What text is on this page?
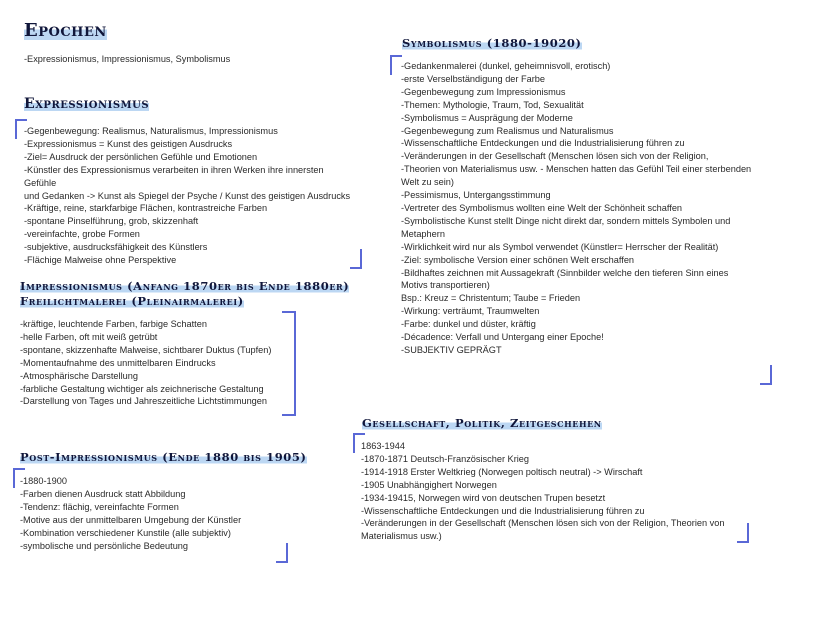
Epochen
-Expressionismus, Impressionismus, Symbolismus
Expressionismus
-Gegenbewegung: Realismus, Naturalismus, Impressionismus
-Expressionismus = Kunst des geistigen Ausdrucks
-Ziel= Ausdruck der persönlichen Gefühle und Emotionen
-Künstler des Expressionismus verarbeiten in ihren Werken ihre innersten
Gefühle
und Gedanken -> Kunst als Spiegel der Psyche / Kunst des geistigen Ausdrucks
-Kräftige, reine, starkfarbige Flächen, kontrastreiche Farben
-spontane Pinselführung, grob, skizzenhaft
-vereinfachte, grobe Formen
-subjektive, ausdrucksfähigkeit des Künstlers
-Flächige Malweise ohne Perspektive
Impressionismus (Anfang 1870er bis Ende 1880er)
Freilichtmalerei (Pleinairmalerei)
-kräftige, leuchtende Farben, farbige Schatten
-helle Farben, oft mit weiß getrübt
-spontane, skizzenhafte Malweise, sichtbarer Duktus (Tupfen)
-Momentaufnahme des unmittelbaren Eindrucks
-Atmosphärische Darstellung
-farbliche Gestaltung wichtiger als zeichnerische Gestaltung
-Darstellung von Tages und Jahreszeitliche Lichtstimmungen
Post-Impressionismus (Ende 1880 bis 1905)
-1880-1900
-Farben dienen Ausdruck statt Abbildung
-Tendenz: flächig, vereinfachte Formen
-Motive aus der unmittelbaren Umgebung der Künstler
-Kombination verschiedener Kunstile (alle subjektiv)
-symbolische und persönliche Bedeutung
Symbolismus (1880-19020)
-Gedankenmalerei (dunkel, geheimnisvoll, erotisch)
-erste Verselbständigung der Farbe
-Gegenbewegung zum Impressionismus
-Themen: Mythologie, Traum, Tod, Sexualität
-Symbolismus = Ausprägung der Moderne
-Gegenbewegung zum Realismus und Naturalismus
-Wissenschaftliche Entdeckungen und die Industrialisierung führen zu
-Veränderungen in der Gesellschaft (Menschen lösen sich von der Religion,
-Theorien von Materialismus usw. - Menschen hatten das Gefühl Teil einer sterbenden
Welt zu sein)
-Pessimismus, Untergangsstimmung
-Vertreter des Symbolismus wollten eine Welt der Schönheit schaffen
-Symbolistische Kunst stellt Dinge nicht direkt dar, sondern mittels Symbolen und
Metaphern
-Wirklichkeit wird nur als Symbol verwendet (Künstler= Herrscher der Realität)
-Ziel: symbolische Version einer schönen Welt erschaffen
-Bildhaftes zeichnen mit Aussagekraft (Sinnbilder welche den tieferen Sinn eines
Motivs transportieren)
Bsp.: Kreuz = Christentum; Taube = Frieden
-Wirkung: verträumt, Traumwelten
-Farbe: dunkel und düster, kräftig
-Décadence: Verfall und Untergang einer Epoche!
-SUBJEKTIV GEPRÄGT
Gesellschaft, Politik, Zeitgeschehen
1863-1944
-1870-1871 Deutsch-Französischer Krieg
-1914-1918 Erster Weltkrieg (Norwegen poltisch neutral) -> Wirschaft
-1905 Unabhängighert Norwegen
-1934-19415, Norwegen wird von deutschen Trupen besetzt
-Wissenschaftliche Entdeckungen und die Industrialisierung führen zu
-Veränderungen in der Gesellschaft (Menschen lösen sich von der Religion, Theorien von
Materialismus usw.)
